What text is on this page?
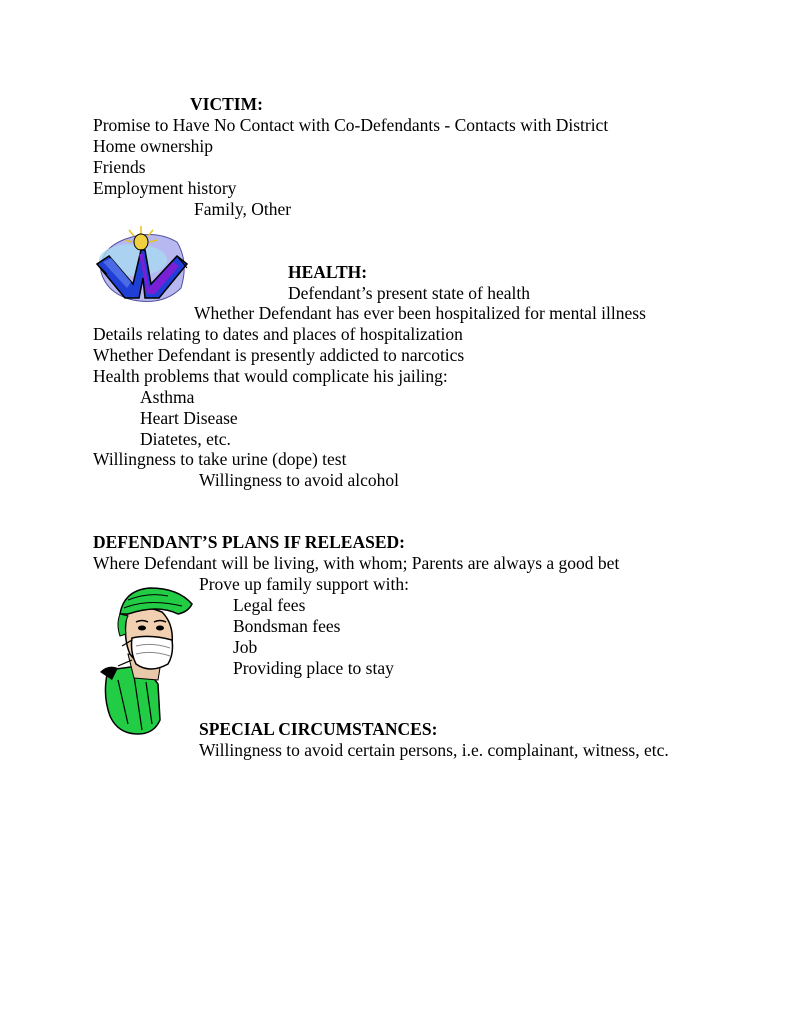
VICTIM:
Promise to Have No Contact with Co-Defendants - Contacts with District
Home ownership
Friends
Employment history
Family, Other
HEALTH:
Defendant’s present state of health
Whether Defendant has ever been hospitalized for mental illness
Details relating to dates and places of hospitalization
Whether Defendant is presently addicted to narcotics
Health problems that would complicate his jailing:
Asthma
Heart Disease
Diatetes, etc.
Willingness to take urine (dope) test
Willingness to avoid alcohol
DEFENDANT’S PLANS IF RELEASED:
Where Defendant will be living, with whom; Parents are always a good bet
Prove up family support with:
Legal fees
Bondsman fees
Job
Providing place to stay
SPECIAL CIRCUMSTANCES:
Willingness to avoid certain persons, i.e. complainant, witness, etc.
